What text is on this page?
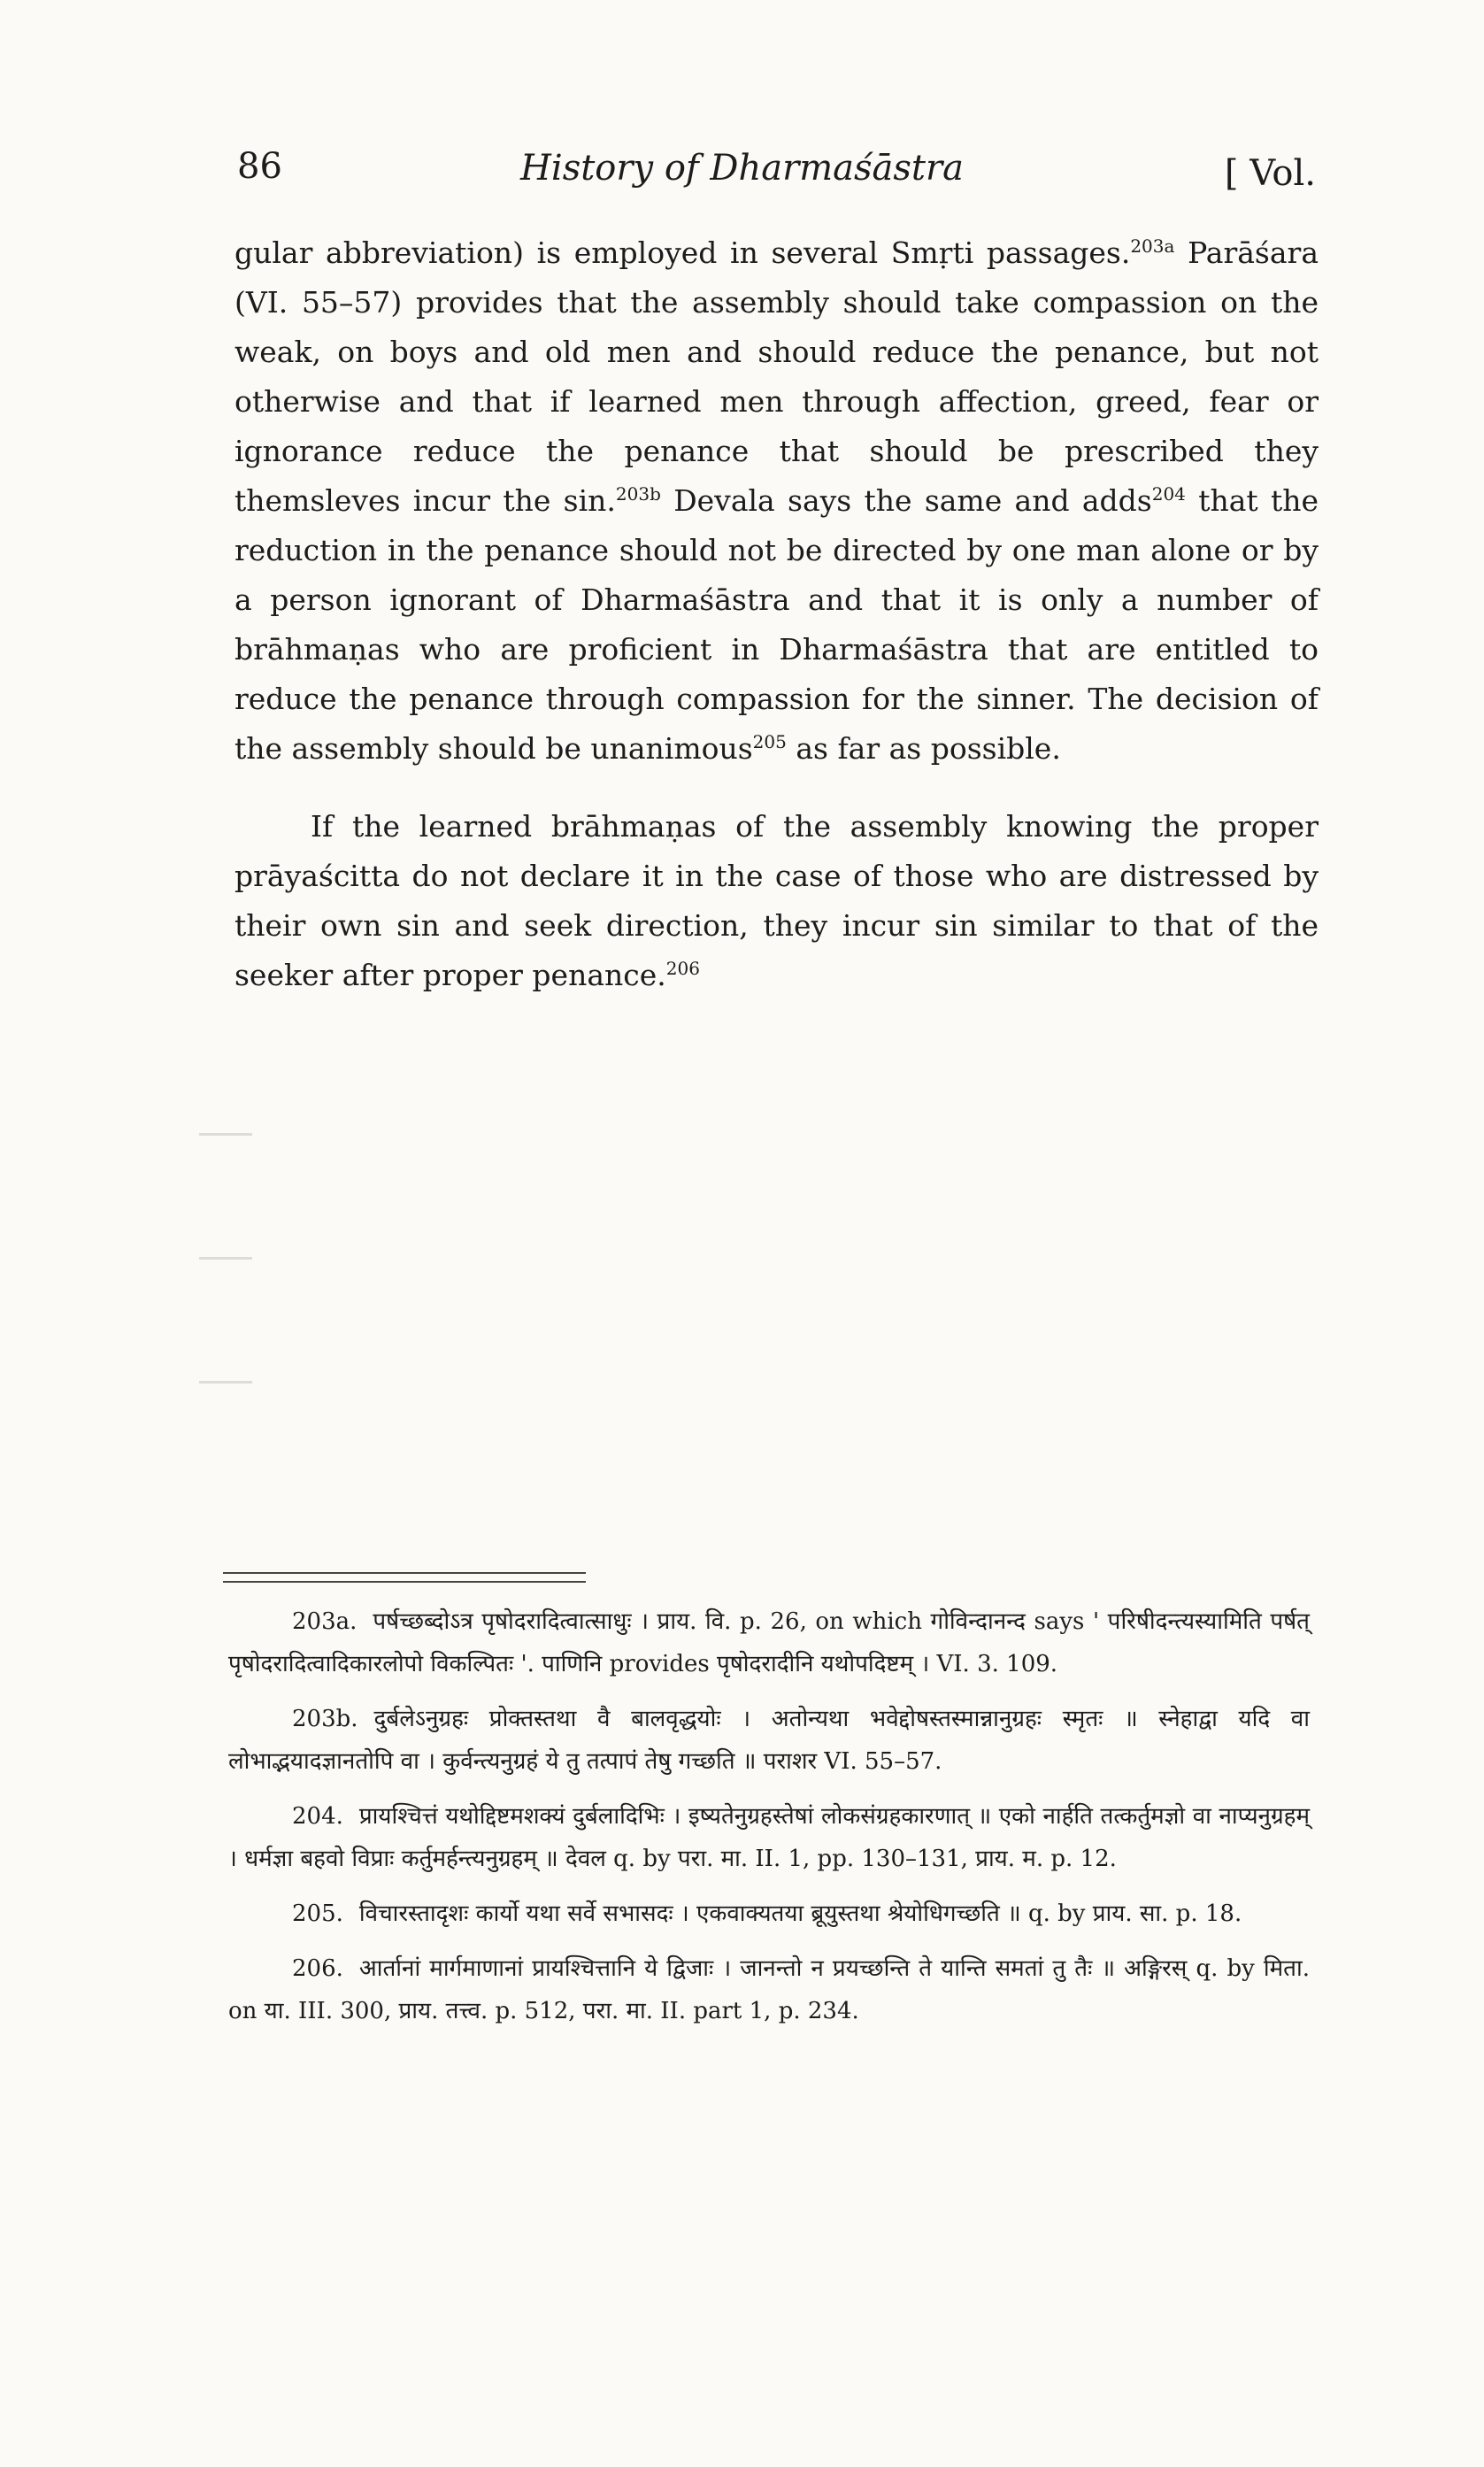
86	History of Dharmaśāstra	[ Vol.

gular abbreviation) is employed in several Smṛti passages.$^{203a}$ Parāśara (VI. 55–57) provides that the assembly should take compassion on the weak, on boys and old men and should reduce the penance, but not otherwise and that if learned men through affection, greed, fear or ignorance reduce the penance that should be prescribed they themsleves incur the sin.$^{203b}$ Devala says the same and adds$^{204}$ that the reduction in the penance should not be directed by one man alone or by a person ignorant of Dharmaśāstra and that it is only a number of brāhmaṇas who are proficient in Dharmaśāstra that are entitled to reduce the penance through compassion for the sinner. The decision of the assembly should be unanimous$^{205}$ as far as possible.

If the learned brāhmaṇas of the assembly knowing the proper prāyaścitta do not declare it in the case of those who are distressed by their own sin and seek direction, they incur sin similar to that of the seeker after proper penance.$^{206}$

203a. पर्षच्छब्दोऽत्र पृषोदरादित्वात्साधुः । प्राय. वि. p. 26, on which गोविन्दानन्द says ' परिषीदन्त्यस्यामिति पर्षत् पृषोदरादित्वादिकारलोपो विकल्पितः '. पाणिनि provides पृषोदरादीनि यथोपदिष्टम् । VI. 3. 109.

203b. दुर्बलेऽनुग्रहः प्रोक्तस्तथा वै बालवृद्धयोः । अतोन्यथा भवेद्दोषस्तस्मान्नानुग्रहः स्मृतः ॥ स्नेहाद्वा यदि वा लोभाद्भयादज्ञानतोपि वा । कुर्वन्त्यनुग्रहं ये तु तत्पापं तेषु गच्छति ॥ पराशर VI. 55–57.

204. प्रायश्चित्तं यथोद्दिष्टमशक्यं दुर्बलादिभिः । इष्यतेनुग्रहस्तेषां लोकसंग्रहकारणात् ॥ एको नार्हति तत्कर्तुमज्ञो वा नाप्यनुग्रहम् । धर्मज्ञा बहवो विप्राः कर्तुमर्हन्त्यनुग्रहम् ॥ देवल q. by परा. मा. II. 1, pp. 130–131, प्राय. म. p. 12.

205. विचारस्तादृशः कार्यो यथा सर्वे सभासदः । एकवाक्यतया ब्रूयुस्तथा श्रेयोधिगच्छति ॥ q. by प्राय. सा. p. 18.

206. आर्तानां मार्गमाणानां प्रायश्चित्तानि ये द्विजाः । जानन्तो न प्रयच्छन्ति ते यान्ति समतां तु तैः ॥ अङ्गिरस् q. by मिता. on या. III. 300, प्राय. तत्त्व. p. 512, परा. मा. II. part 1, p. 234.
